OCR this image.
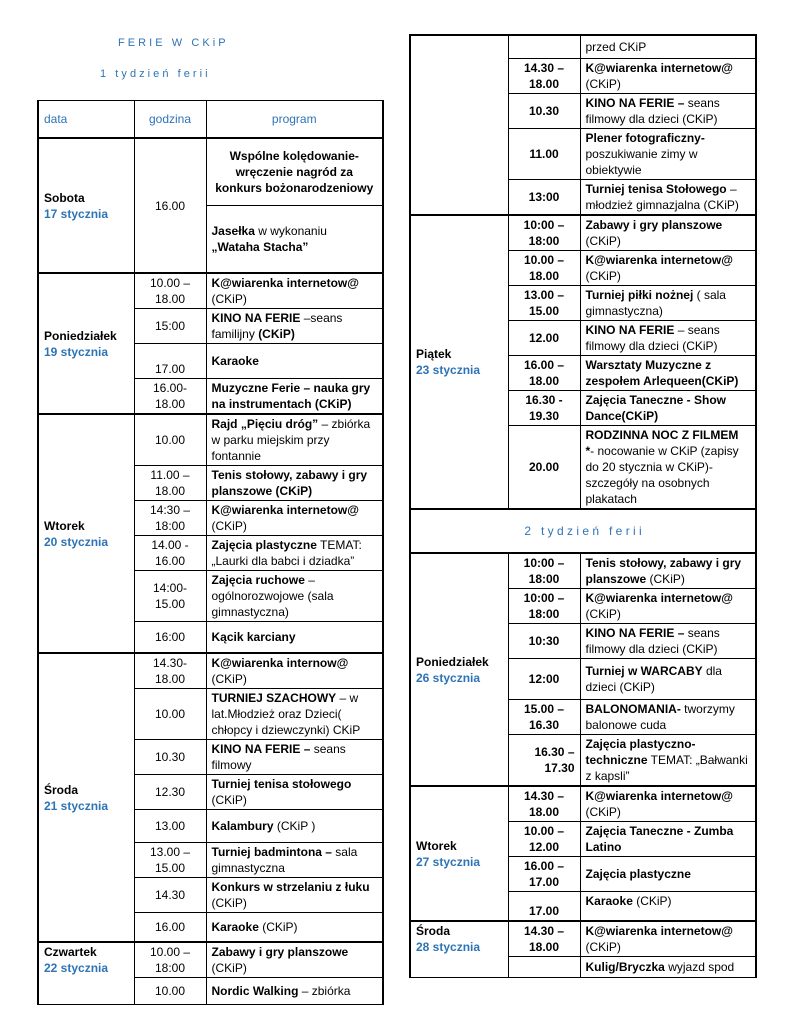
F E R I E   W   C K i P
1   t y d z i e ń   f e r i i
data	godzina	program
Sobota
17 stycznia	16.00	Wspólne kolędowanie- wręczenie nagród za konkurs bożonarodzeniowy
		Jasełka w wykonaniu
„Wataha Stacha”
Poniedziałek
19 stycznia	10.00 – 18.00	K@wiarenka internetow@ (CKiP)
	15:00	KINO NA FERIE –seans familijny (CKiP)
	17.00	Karaoke
	16.00- 18.00	Muzyczne Ferie – nauka gry na instrumentach (CKiP)
Wtorek
20 stycznia	10.00	Rajd „Pięciu dróg” – zbiórka w parku miejskim przy fontannie
	11.00 – 18.00	Tenis stołowy, zabawy i gry planszowe (CKiP)
	14:30 – 18:00	K@wiarenka internetow@ (CKiP)
	14.00 - 16.00	Zajęcia plastyczne TEMAT: „Laurki dla babci i dziadka”
	14:00- 15.00	Zajęcia ruchowe – ogólnorozwojowe (sala gimnastyczna)
	16:00	Kącik karciany
Środa
21 stycznia	14.30- 18.00	K@wiarenka internow@ (CKiP)
	10.00	TURNIEJ SZACHOWY – w lat.Młodzież oraz Dzieci( chłopcy i dziewczynki) CKiP
	10.30	KINO NA FERIE – seans filmowy
	12.30	Turniej tenisa stołowego (CKiP)
	13.00	Kalambury (CKiP )
	13.00 – 15.00	Turniej badmintona – sala gimnastyczna
	14.30	Konkurs w strzelaniu z łuku (CKiP)
	16.00	Karaoke (CKiP)
Czwartek
22 stycznia	10.00 – 18:00	Zabawy i gry planszowe (CKiP)
	10.00	Nordic Walking – zbiórka
		przed CKiP
	14.30 – 18.00	K@wiarenka internetow@ (CKiP)
	10.30	KINO NA FERIE – seans filmowy dla dzieci (CKiP)
	11.00	Plener fotograficzny- poszukiwanie zimy w obiektywie
	13:00	Turniej tenisa Stołowego – młodzież gimnazjalna (CKiP)
Piątek
23 stycznia	10:00 – 18:00	Zabawy i gry planszowe (CKiP)
	10.00 – 18.00	K@wiarenka internetow@ (CKiP)
	13.00 – 15.00	Turniej piłki nożnej ( sala gimnastyczna)
	12.00	KINO NA FERIE – seans filmowy dla dzieci (CKiP)
	16.00 – 18.00	Warsztaty Muzyczne z zespołem Arlequeen(CKiP)
	16.30 - 19.30	Zajęcia Taneczne - Show Dance(CKiP)
	20.00	RODZINNA NOC Z FILMEM *- nocowanie w CKiP (zapisy do 20 stycznia w CKiP)- szczegóły na osobnych plakatach
2   t y d z i e ń   f e r i i		
Poniedziałek
26 stycznia	10:00 – 18:00	Tenis stołowy, zabawy i gry planszowe (CKiP)
	10:00 – 18:00	K@wiarenka internetow@ (CKiP)
	10:30	KINO NA FERIE – seans filmowy dla dzieci (CKiP)
	12:00	Turniej w WARCABY dla dzieci (CKiP)
	15.00 – 16.30	BALONOMANIA- tworzymy balonowe cuda
	16.30 – 17.30	Zajęcia plastyczno-techniczne TEMAT: „Bałwanki z kapsli”
Wtorek
27 stycznia	14.30 – 18.00	K@wiarenka internetow@ (CKiP)
	10.00 – 12.00	Zajęcia Taneczne - Zumba Latino
	16.00 – 17.00	Zajęcia plastyczne
	17.00	Karaoke (CKiP)
Środa
28 stycznia	14.30 – 18.00	K@wiarenka internetow@ (CKiP)
		Kulig/Bryczka wyjazd spod
